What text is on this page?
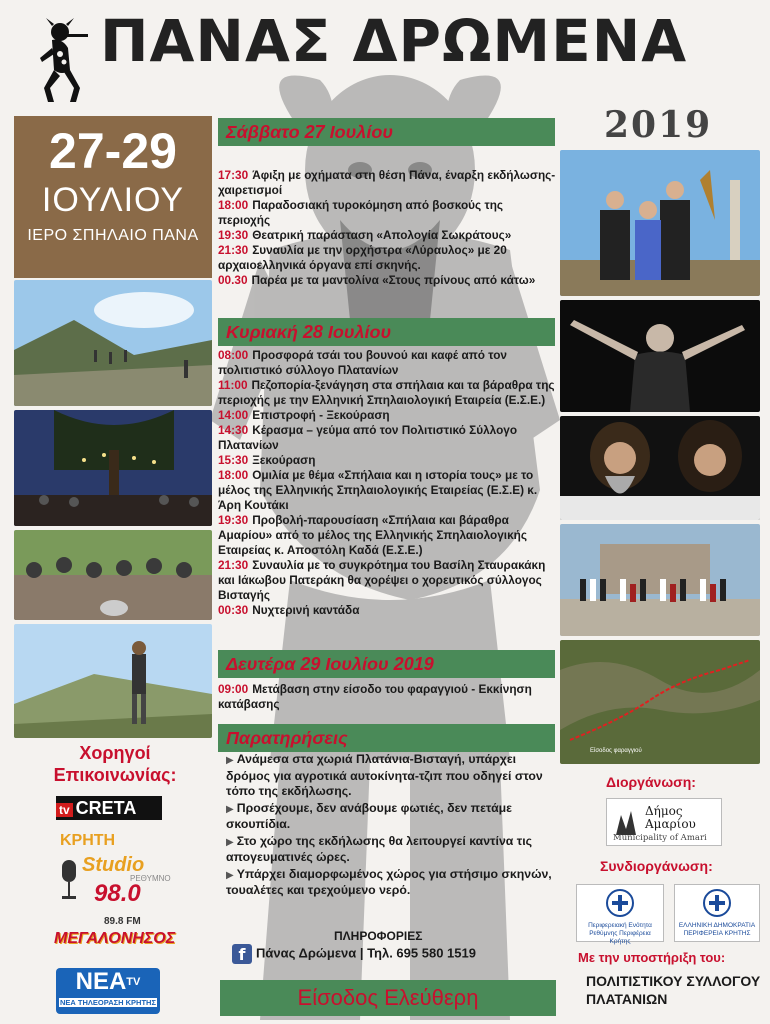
ΠΑΝΑΣ ΔΡΩΜΕΝΑ
2019
27-29
ΙΟΥΛΙΟΥ
ΙΕΡΟ ΣΠΗΛΑΙΟ ΠΑΝΑ
Είσοδος φαραγγιού
Σάββατο 27 Ιουλίου

17:30 Άφιξη με οχήματα στη θέση Πάνα, έναρξη εκδήλωσης-χαιρετισμοί

18:00 Παραδοσιακή τυροκόμηση από βοσκούς της περιοχής

19:30 Θεατρική παράσταση «Απολογία Σωκράτους»

21:30 Συναυλία με την ορχήστρα «Λύραυλος» με 20 αρχαιοελληνικά όργανα επί σκηνής.

00.30 Παρέα με τα μαντολίνα «Στους πρίνους από κάτω»

Κυριακή 28 Ιουλίου

08:00 Προσφορά τσάι του βουνού και καφέ από τον πολιτιστικό σύλλογο Πλατανίων

11:00 Πεζοπορία-ξενάγηση στα σπήλαια και τα βάραθρα της περιοχής με την Ελληνική Σπηλαιολογική Εταιρεία (Ε.Σ.Ε.)

14:00 Επιστροφή - Ξεκούραση

14:30 Κέρασμα – γεύμα από τον Πολιτιστικό Σύλλογο Πλατανίων

15:30 Ξεκούραση

18:00 Ομιλία με θέμα «Σπήλαια και η ιστορία τους» με το μέλος της Ελληνικής Σπηλαιολογικής Εταιρείας (Ε.Σ.Ε) κ. Άρη Κουτάκι

19:30 Προβολή-παρουσίαση «Σπήλαια και βάραθρα Αμαρίου» από το μέλος της Ελληνικής Σπηλαιολογικής Εταιρείας κ. Αποστόλη Καδά (Ε.Σ.Ε.)

21:30 Συναυλία με το συγκρότημα του Βασίλη Σταυρακάκη και Ιάκωβου Πατεράκη θα χορέψει ο χορευτικός σύλλογος Βισταγής

00:30 Νυχτερινή καντάδα

Δευτέρα 29 Ιουλίου 2019

09:00 Μετάβαση στην είσοδο του φαραγγιού - Εκκίνηση κατάβασης

Παρατηρήσεις

▶ Ανάμεσα στα χωριά Πλατάνια-Βισταγή, υπάρχει δρόμος για αγροτικά αυτοκίνητα-τζιπ που οδηγεί στον τόπο της εκδήλωσης.

▶ Προσέχουμε, δεν ανάβουμε φωτιές, δεν πετάμε σκουπίδια.

▶ Στο χώρο της εκδήλωσης θα λειτουργεί καντίνα τις απογευματινές ώρες.

▶ Υπάρχει διαμορφωμένος χώρος για στήσιμο σκηνών, τουαλέτες και τρεχούμενο νερό.

ΠΛΗΡΟΦΟΡΙΕΣ
f Πάνας Δρώμενα | Τηλ. 695 580 1519
Είσοδος Ελεύθερη
Χορηγοί
Επικοινωνίας:
tv CRETA
ΚΡΗΤΗ
Studio
ΡΕΘΥΜΝΟ
98.0
89.8 FM
ΜΕΓΑΛΟΝΗΣΟΣ
$NEA^{TV}$
ΝΕΑ ΤΗΛΕΟΡΑΣΗ ΚΡΗΤΗΣ
Διοργάνωση:
Δήμος Αμαρίου
Municipality of Amari
Συνδιοργάνωση:
Περιφερειακή Ενότητα Ρεθύμνης Περιφέρεια Κρήτης
ΕΛΛΗΝΙΚΗ ΔΗΜΟΚΡΑΤΙΑ ΠΕΡΙΦΕΡΕΙΑ ΚΡΗΤΗΣ
Με την υποστήριξη του:
ΠΟΛΙΤΙΣΤΙΚΟΥ ΣΥΛΛΟΓΟΥ
ΠΛΑΤΑΝΙΩΝ
